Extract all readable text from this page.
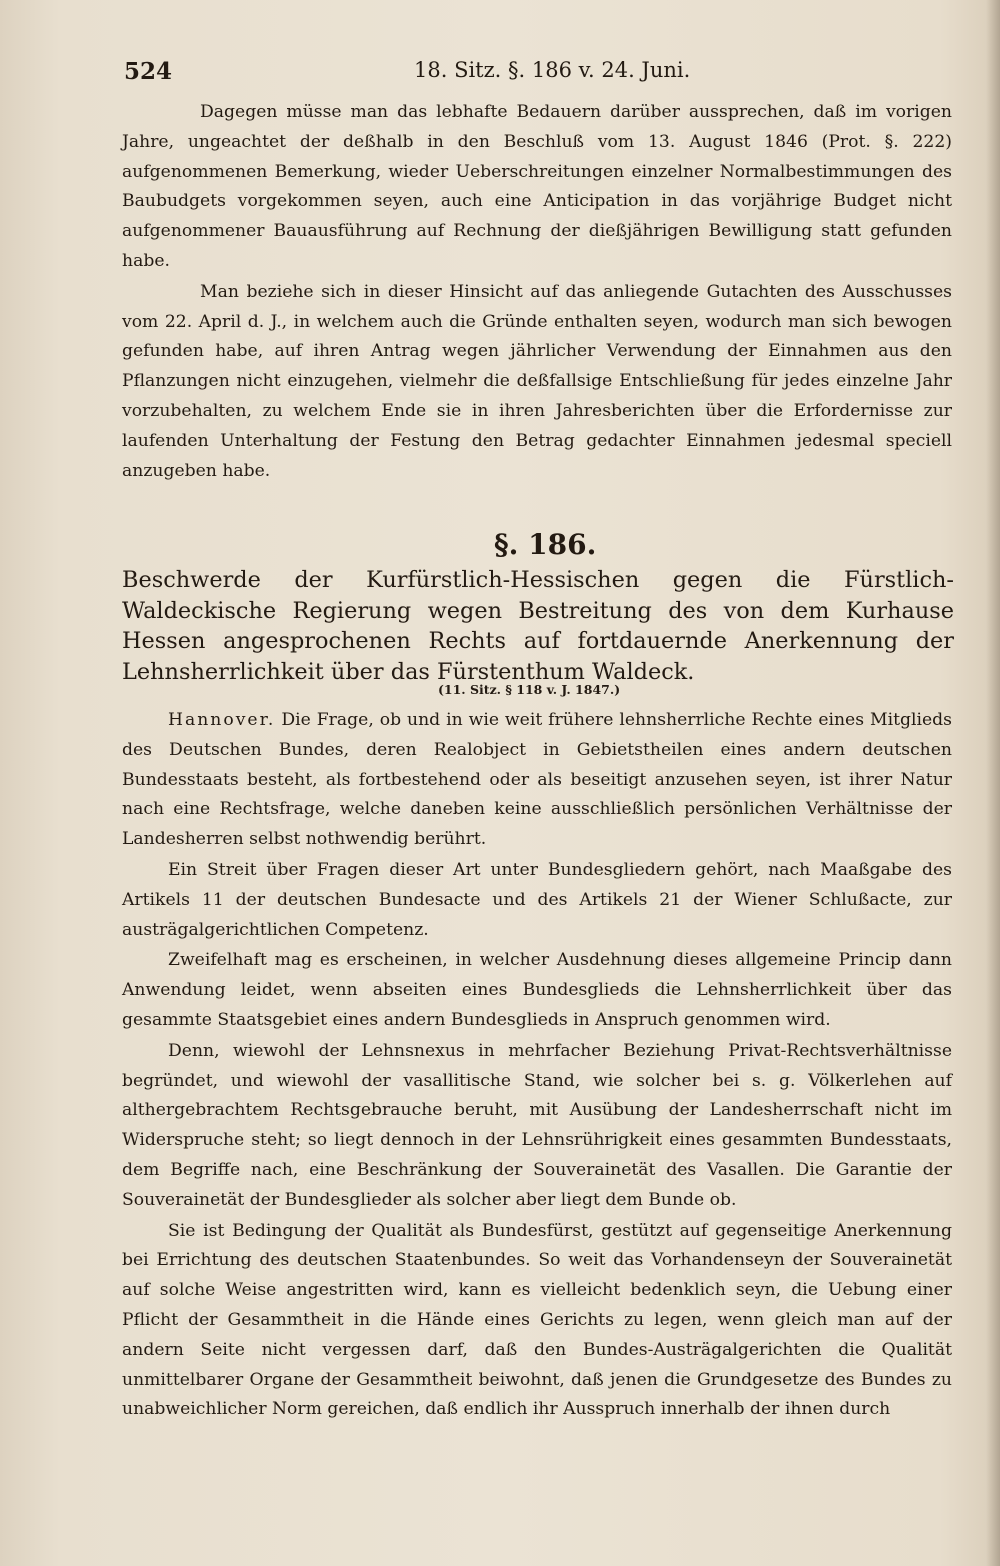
524	18. Sitz. §. 186 v. 24. Juni.

Dagegen müsse man das lebhafte Bedauern darüber aussprechen, daß im vorigen Jahre, ungeachtet der deßhalb in den Beschluß vom 13. August 1846 (Prot. §. 222) aufgenommenen Bemerkung, wieder Ueberschreitungen einzelner Normalbestimmungen des Baubudgets vorgekommen seyen, auch eine Anticipation in das vorjährige Budget nicht aufgenommener Bauausführung auf Rechnung der dießjährigen Bewilligung statt gefunden habe.

Man beziehe sich in dieser Hinsicht auf das anliegende Gutachten des Ausschusses vom 22. April d. J., in welchem auch die Gründe enthalten seyen, wodurch man sich bewogen gefunden habe, auf ihren Antrag wegen jährlicher Verwendung der Einnahmen aus den Pflanzungen nicht einzugehen, vielmehr die deßfallsige Entschließung für jedes einzelne Jahr vorzubehalten, zu welchem Ende sie in ihren Jahresberichten über die Erfordernisse zur laufenden Unterhaltung der Festung den Betrag gedachter Einnahmen jedesmal speciell anzugeben habe.

§. 186.
Beschwerde der Kurfürstlich-Hessischen gegen die Fürstlich-Waldeckische Regierung wegen Bestreitung des von dem Kurhause Hessen angesprochenen Rechts auf fortdauernde Anerkennung der Lehnsherrlichkeit über das Fürstenthum Waldeck.
(11. Sitz. § 118 v. J. 1847.)

Hannover. Die Frage, ob und in wie weit frühere lehnsherrliche Rechte eines Mitglieds des Deutschen Bundes, deren Realobject in Gebietstheilen eines andern deutschen Bundesstaats besteht, als fortbestehend oder als beseitigt anzusehen seyen, ist ihrer Natur nach eine Rechtsfrage, welche daneben keine ausschließlich persönlichen Verhältnisse der Landesherren selbst nothwendig berührt.

Ein Streit über Fragen dieser Art unter Bundesgliedern gehört, nach Maaßgabe des Artikels 11 der deutschen Bundesacte und des Artikels 21 der Wiener Schlußacte, zur austrägalgerichtlichen Competenz.

Zweifelhaft mag es erscheinen, in welcher Ausdehnung dieses allgemeine Princip dann Anwendung leidet, wenn abseiten eines Bundesglieds die Lehnsherrlichkeit über das gesammte Staatsgebiet eines andern Bundesglieds in Anspruch genommen wird.

Denn, wiewohl der Lehnsnexus in mehrfacher Beziehung Privat-Rechtsverhältnisse begründet, und wiewohl der vasallitische Stand, wie solcher bei s. g. Völkerlehen auf althergebrachtem Rechtsgebrauche beruht, mit Ausübung der Landesherrschaft nicht im Widerspruche steht; so liegt dennoch in der Lehnsrührigkeit eines gesammten Bundesstaats, dem Begriffe nach, eine Beschränkung der Souverainetät des Vasallen. Die Garantie der Souverainetät der Bundesglieder als solcher aber liegt dem Bunde ob.

Sie ist Bedingung der Qualität als Bundesfürst, gestützt auf gegenseitige Anerkennung bei Errichtung des deutschen Staatenbundes. So weit das Vorhandenseyn der Souverainetät auf solche Weise angestritten wird, kann es vielleicht bedenklich seyn, die Uebung einer Pflicht der Gesammtheit in die Hände eines Gerichts zu legen, wenn gleich man auf der andern Seite nicht vergessen darf, daß den Bundes-Austrägalgerichten die Qualität unmittelbarer Organe der Gesammtheit beiwohnt, daß jenen die Grundgesetze des Bundes zu unabweichlicher Norm gereichen, daß endlich ihr Ausspruch innerhalb der ihnen durch
